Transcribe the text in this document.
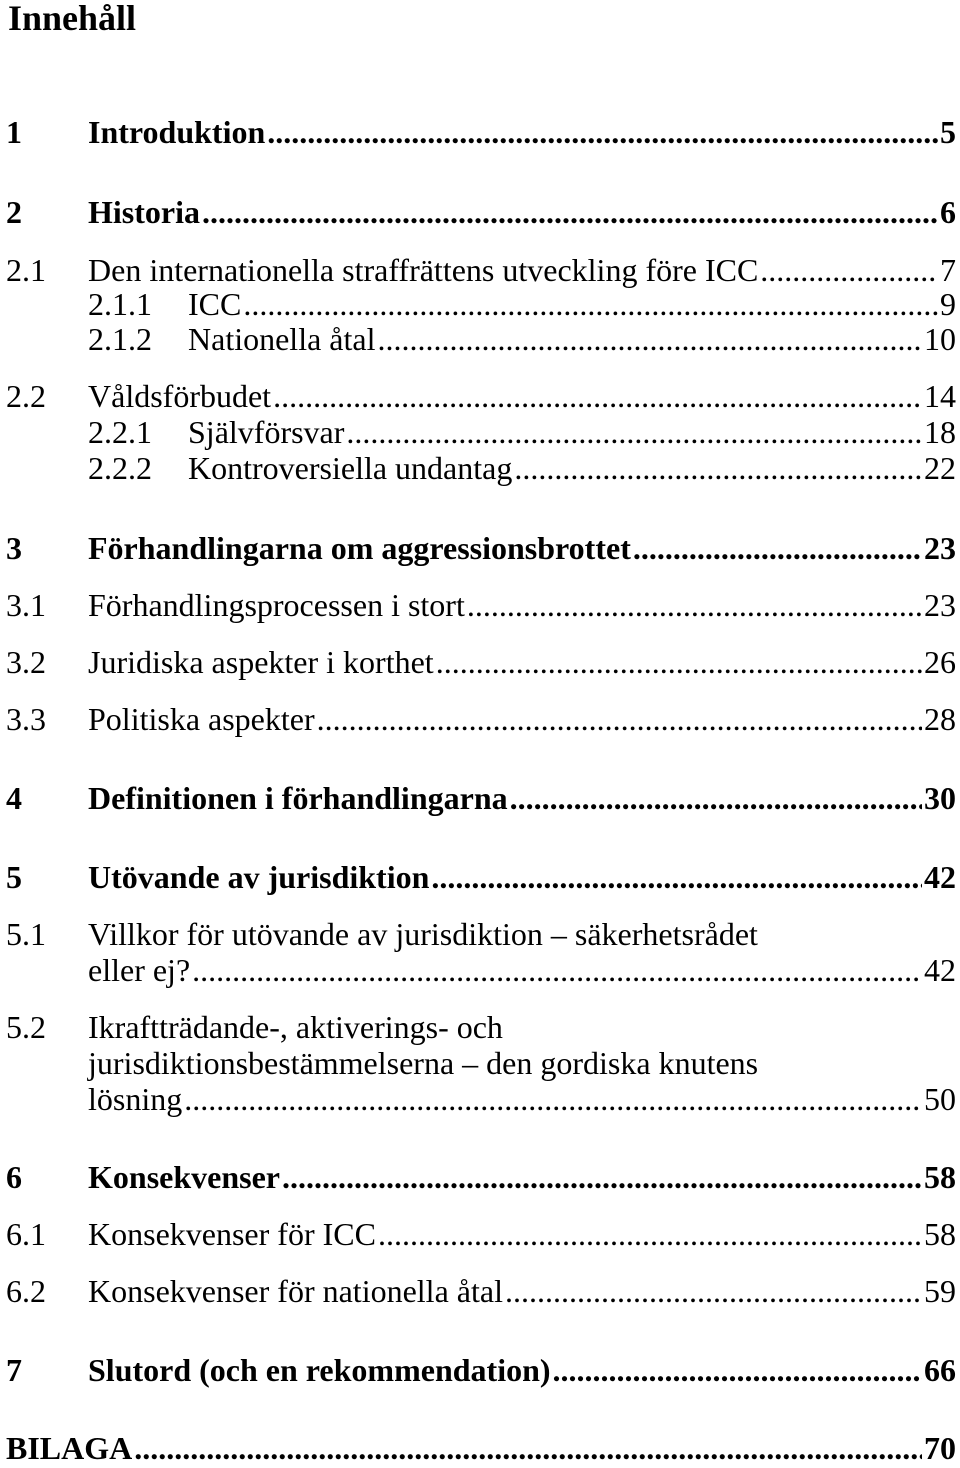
Innehåll
1 Introduktion .....	5
2 Historia .....	6
2.1 Den internationella straffrättens utveckling före ICC .....	7
2.1.1 ICC .....	9
2.1.2 Nationella åtal .....	10
2.2 Våldsförbudet .....	14
2.2.1 Självförsvar .....	18
2.2.2 Kontroversiella undantag .....	22
3 Förhandlingarna om aggressionsbrottet .....	23
3.1 Förhandlingsprocessen i stort .....	23
3.2 Juridiska aspekter i korthet .....	26
3.3 Politiska aspekter .....	28
4 Definitionen i förhandlingarna .....	30
5 Utövande av jurisdiktion .....	42
5.1 Villkor för utövande av jurisdiktion – säkerhetsrådet
eller ej? .....	42
5.2 Ikraftträdande-, aktiverings- och
jurisdiktionsbestämmelserna – den gordiska knutens
lösning .....	50
6 Konsekvenser .....	58
6.1 Konsekvenser för ICC .....	58
6.2 Konsekvenser för nationella åtal .....	59
7 Slutord (och en rekommendation) .....	66
BILAGA .....	70
